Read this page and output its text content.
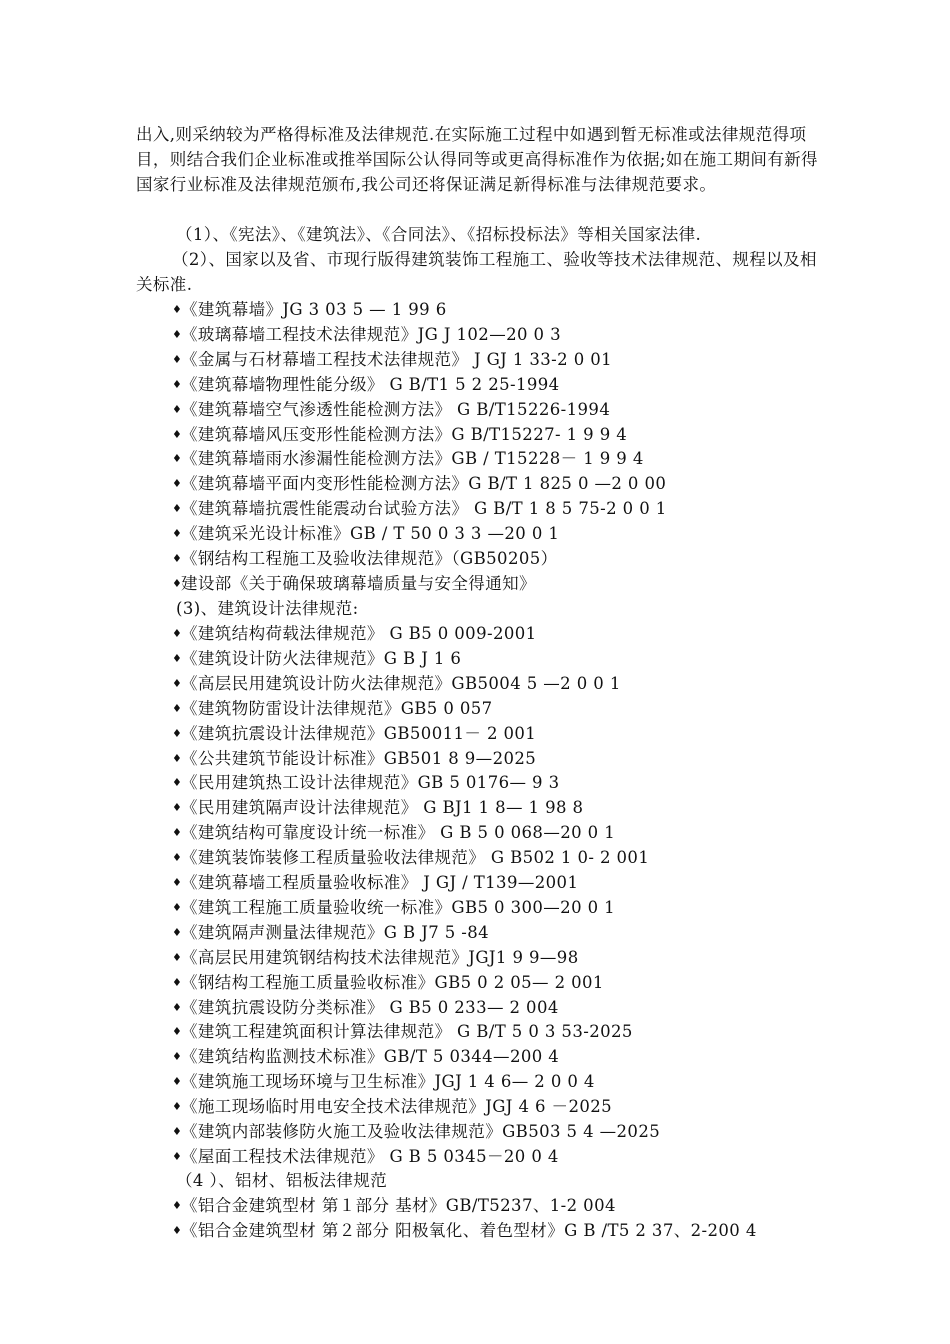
出入,则采纳较为严格得标准及法律规范.在实际施工过程中如遇到暂无标准或法律规范得项目，则结合我们企业标准或推举国际公认得同等或更高得标准作为依据;如在施工期间有新得国家行业标准及法律规范颁布,我公司还将保证满足新得标准与法律规范要求。

（1）、《宪法》、《建筑法》、《合同法》、《招标投标法》等相关国家法律.

（2）、国家以及省、市现行版得建筑装饰工程施工、验收等技术法律规范、规程以及相关标准.

♦《建筑幕墙》JG 3 03 5 — 1 99 6
♦《玻璃幕墙工程技术法律规范》JG J 102—20 0 3
♦《金属与石材幕墙工程技术法律规范》 J GJ 1 33-2 0 01
♦《建筑幕墙物理性能分级》 G B/T1 5 2 25-1994
♦《建筑幕墙空气渗透性能检测方法》 G B/T15226-1994
♦《建筑幕墙风压变形性能检测方法》G B/T15227- 1 9 9 4
♦《建筑幕墙雨水渗漏性能检测方法》GB / T15228－ 1 9 9 4
♦《建筑幕墙平面内变形性能检测方法》G B/T 1 825 0 —2 0 00
♦《建筑幕墙抗震性能震动台试验方法》 G B/T 1 8 5 75-2 0 0 1
♦《建筑采光设计标准》GB / T 50 0 3 3 —20 0 1
♦《钢结构工程施工及验收法律规范》（GB50205）
♦建设部《关于确保玻璃幕墙质量与安全得通知》
(3)、建筑设计法律规范:
♦《建筑结构荷载法律规范》 G B5 0 009-2001
♦《建筑设计防火法律规范》G B J 1 6
♦《高层民用建筑设计防火法律规范》GB5004 5 —2 0 0 1
♦《建筑物防雷设计法律规范》GB5 0 057
♦《建筑抗震设计法律规范》GB50011－ 2 001
♦《公共建筑节能设计标准》GB501 8 9—2025
♦《民用建筑热工设计法律规范》GB 5 0176— 9 3
♦《民用建筑隔声设计法律规范》 G BJ1 1 8— 1 98 8
♦《建筑结构可靠度设计统一标准》 G B 5 0 068—20 0 1
♦《建筑装饰装修工程质量验收法律规范》 G B502 1 0- 2 001
♦《建筑幕墙工程质量验收标准》 J GJ / T139—2001
♦《建筑工程施工质量验收统一标准》GB5 0 300—20 0 1
♦《建筑隔声测量法律规范》G B J7 5 -84
♦《高层民用建筑钢结构技术法律规范》JGJ1 9 9—98
♦《钢结构工程施工质量验收标准》GB5 0 2 05— 2 001
♦《建筑抗震设防分类标准》 G B5 0 233— 2 004
♦《建筑工程建筑面积计算法律规范》 G B/T 5 0 3 53-2025
♦《建筑结构监测技术标准》GB/T 5 0344—200 4
♦《建筑施工现场环境与卫生标准》JGJ 1 4 6— 2 0 0 4
♦《施工现场临时用电安全技术法律规范》JGJ 4 6 －2025
♦《建筑内部装修防火施工及验收法律规范》GB503 5 4 —2025
♦《屋面工程技术法律规范》 G B 5 0345－20 0 4
（4 ）、铝材、铝板法律规范
♦《铝合金建筑型材 第１部分 基材》GB/T5237、1-2 004
♦《铝合金建筑型材 第２部分 阳极氧化、着色型材》G B /T5 2 37、2-200 4
